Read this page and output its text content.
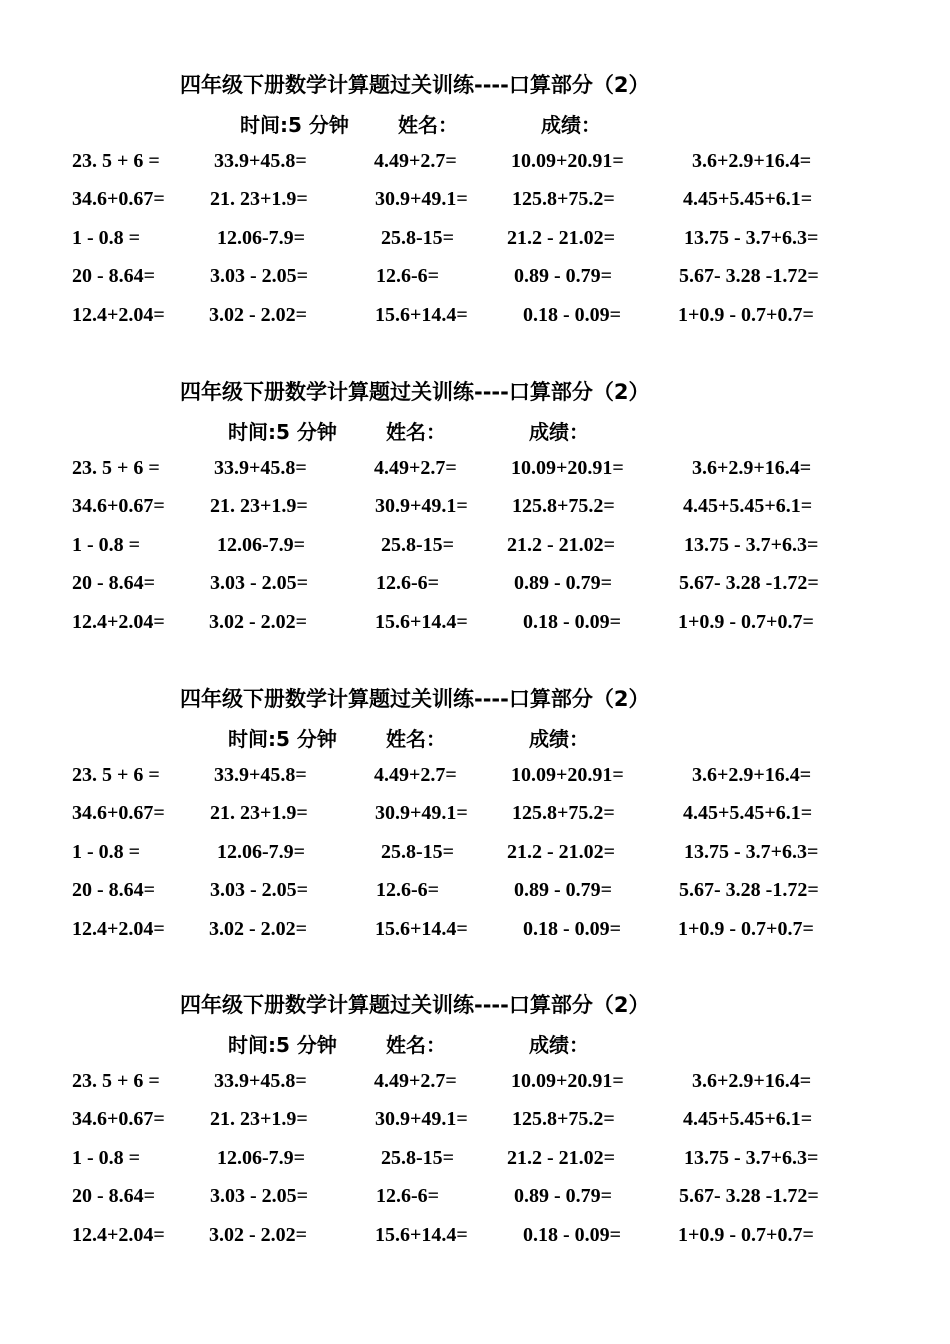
四年级下册数学计算题过关训练----口算部分（2）
时间:5 分钟 姓名：	成绩：
23. 5 + 6 =	33.9+45.8=	4.49+2.7=	10.09+20.91=	3.6+2.9+16.4=
34.6+0.67= 21. 23+1.9=	30.9+49.1= 125.8+75.2=	4.45+5.45+6.1=
1 - 0.8 =	12.06-7.9=	25.8-15=	21.2 - 21.02=	13.75 - 3.7+6.3=
20 - 8.64=	3.03 - 2.05=	12.6-6=	0.89 - 0.79=	5.67- 3.28 -1.72=
12.4+2.04= 3.02 - 2.02=	15.6+14.4=	0.18 - 0.09=	1+0.9 - 0.7+0.7=
四年级下册数学计算题过关训练----口算部分（2）
时间:5 分钟 姓名：	成绩：
23. 5 + 6 =	33.9+45.8=	4.49+2.7=	10.09+20.91=	3.6+2.9+16.4=
34.6+0.67= 21. 23+1.9=	30.9+49.1= 125.8+75.2=	4.45+5.45+6.1=
1 - 0.8 =	12.06-7.9=	25.8-15=	21.2 - 21.02=	13.75 - 3.7+6.3=
20 - 8.64=	3.03 - 2.05=	12.6-6=	0.89 - 0.79=	5.67- 3.28 -1.72=
12.4+2.04= 3.02 - 2.02=	15.6+14.4=	0.18 - 0.09=	1+0.9 - 0.7+0.7=
四年级下册数学计算题过关训练----口算部分（2）
时间:5 分钟 姓名：	成绩：
23. 5 + 6 =	33.9+45.8=	4.49+2.7=	10.09+20.91=	3.6+2.9+16.4=
34.6+0.67= 21. 23+1.9=	30.9+49.1= 125.8+75.2=	4.45+5.45+6.1=
1 - 0.8 =	12.06-7.9=	25.8-15=	21.2 - 21.02=	13.75 - 3.7+6.3=
20 - 8.64=	3.03 - 2.05=	12.6-6=	0.89 - 0.79=	5.67- 3.28 -1.72=
12.4+2.04= 3.02 - 2.02=	15.6+14.4=	0.18 - 0.09=	1+0.9 - 0.7+0.7=
四年级下册数学计算题过关训练----口算部分（2）
时间:5 分钟 姓名：	成绩：
23. 5 + 6 =	33.9+45.8=	4.49+2.7=	10.09+20.91=	3.6+2.9+16.4=
34.6+0.67= 21. 23+1.9=	30.9+49.1= 125.8+75.2=	4.45+5.45+6.1=
1 - 0.8 =	12.06-7.9=	25.8-15=	21.2 - 21.02=	13.75 - 3.7+6.3=
20 - 8.64=	3.03 - 2.05=	12.6-6=	0.89 - 0.79=	5.67- 3.28 -1.72=
12.4+2.04= 3.02 - 2.02=	15.6+14.4=	0.18 - 0.09=	1+0.9 - 0.7+0.7=
